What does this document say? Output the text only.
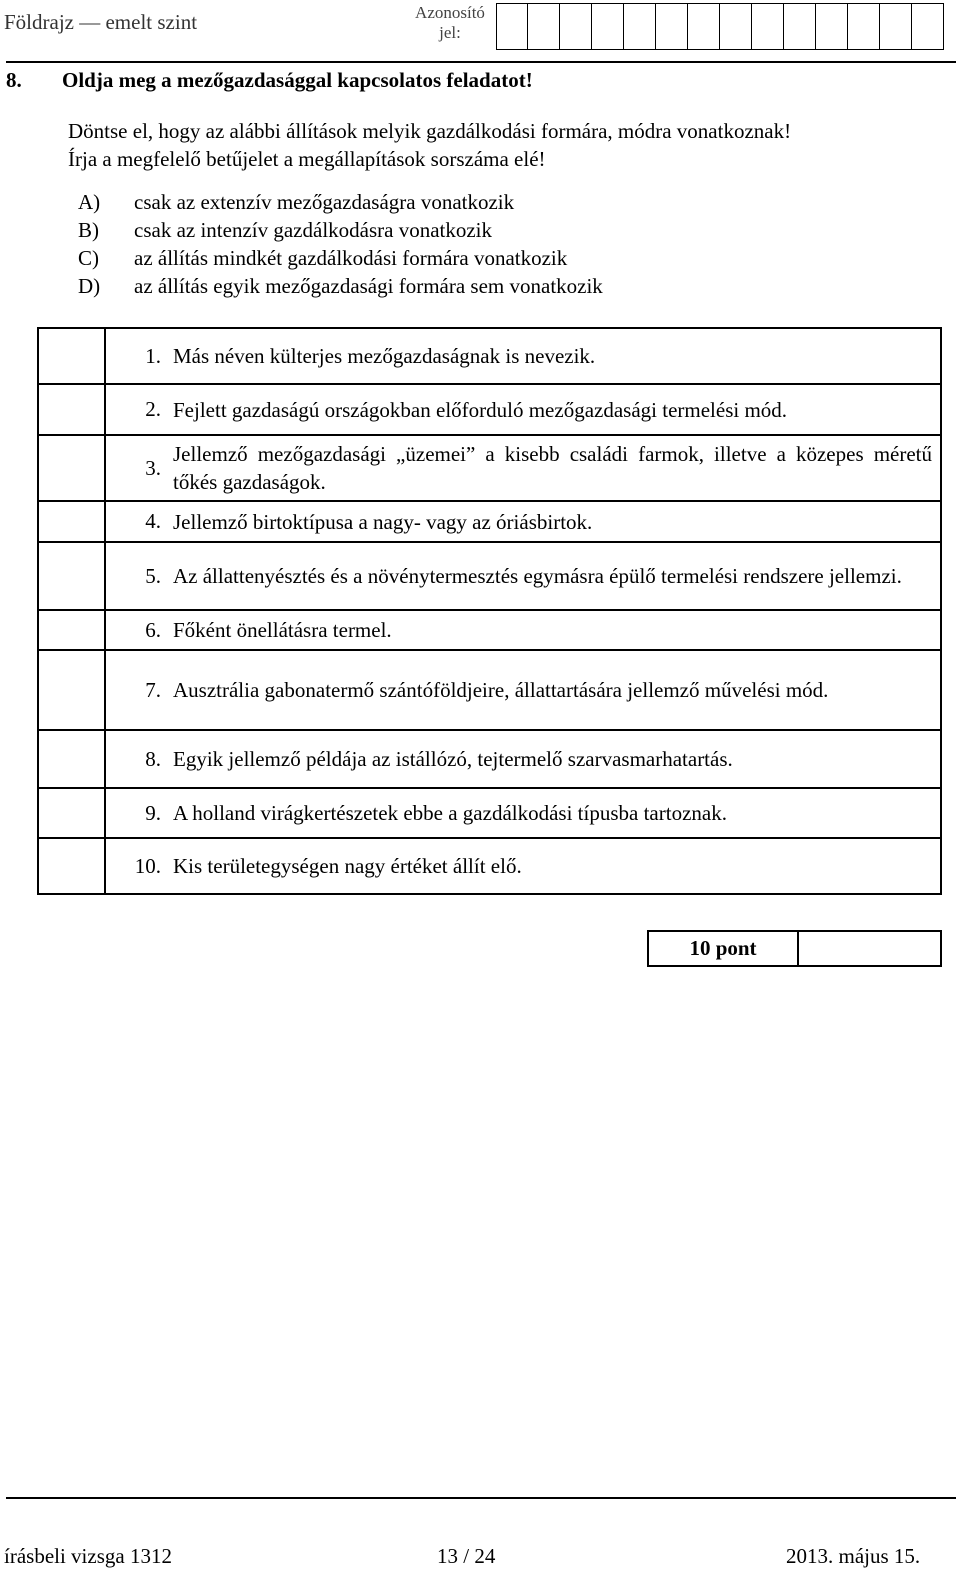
Földrajz — emelt szint	Azonosító jel:
8. Oldja meg a mezőgazdasággal kapcsolatos feladatot!
Döntse el, hogy az alábbi állítások melyik gazdálkodási formára, módra vonatkoznak!
Írja a megfelelő betűjelet a megállapítások sorszáma elé!
A)	csak az extenzív mezőgazdaságra vonatkozik
B)	csak az intenzív gazdálkodásra vonatkozik
C)	az állítás mindkét gazdálkodási formára vonatkozik
D)	az állítás egyik mezőgazdasági formára sem vonatkozik
	1.	Más néven külterjes mezőgazdaságnak is nevezik.
	2.	Fejlett gazdaságú országokban előforduló mezőgazdasági termelési mód.
	3.	Jellemző mezőgazdasági „üzemei” a kisebb családi farmok, illetve a közepes méretű tőkés gazdaságok.
	4.	Jellemző birtoktípusa a nagy- vagy az óriásbirtok.
	5.	Az állattenyésztés és a növénytermesztés egymásra épülő termelési rendszere jellemzi.
	6.	Főként önellátásra termel.
	7.	Ausztrália gabonatermő szántóföldjeire, állattartására jellemző művelési mód.
	8.	Egyik jellemző példája az istállózó, tejtermelő szarvasmarhatartás.
	9.	A holland virágkertészetek ebbe a gazdálkodási típusba tartoznak.
	10.	Kis területegységen nagy értéket állít elő.
10 pont
írásbeli vizsga 1312	13 / 24	2013. május 15.
